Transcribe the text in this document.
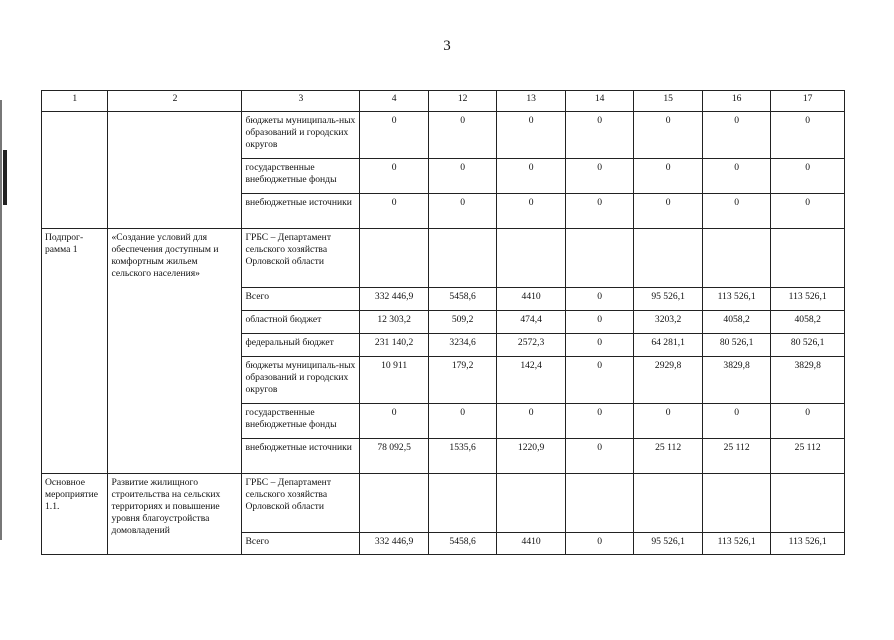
3
1	2	3	4	12	13	14	15	16	17
		бюджеты муниципаль-ных образований и городских округов	0	0	0	0	0	0	0
		государственные внебюджетные фонды	0	0	0	0	0	0	0
		внебюджетные источники	0	0	0	0	0	0	0
Подпрог-рамма 1	«Создание условий для обеспечения доступным и комфортным жильем сельского населения»	ГРБС – Департамент сельского хозяйства Орловской области							
		Всего	332 446,9	5458,6	4410	0	95 526,1	113 526,1	113 526,1
		областной бюджет	12 303,2	509,2	474,4	0	3203,2	4058,2	4058,2
		федеральный бюджет	231 140,2	3234,6	2572,3	0	64 281,1	80 526,1	80 526,1
		бюджеты муниципаль-ных образований и городских округов	10 911	179,2	142,4	0	2929,8	3829,8	3829,8
		государственные внебюджетные фонды	0	0	0	0	0	0	0
		внебюджетные источники	78 092,5	1535,6	1220,9	0	25 112	25 112	25 112
Основное мероприятие 1.1.	Развитие жилищного строительства на сельских территориях и повышение уровня благоустройства домовладений	ГРБС – Департамент сельского хозяйства Орловской области							
		Всего	332 446,9	5458,6	4410	0	95 526,1	113 526,1	113 526,1
